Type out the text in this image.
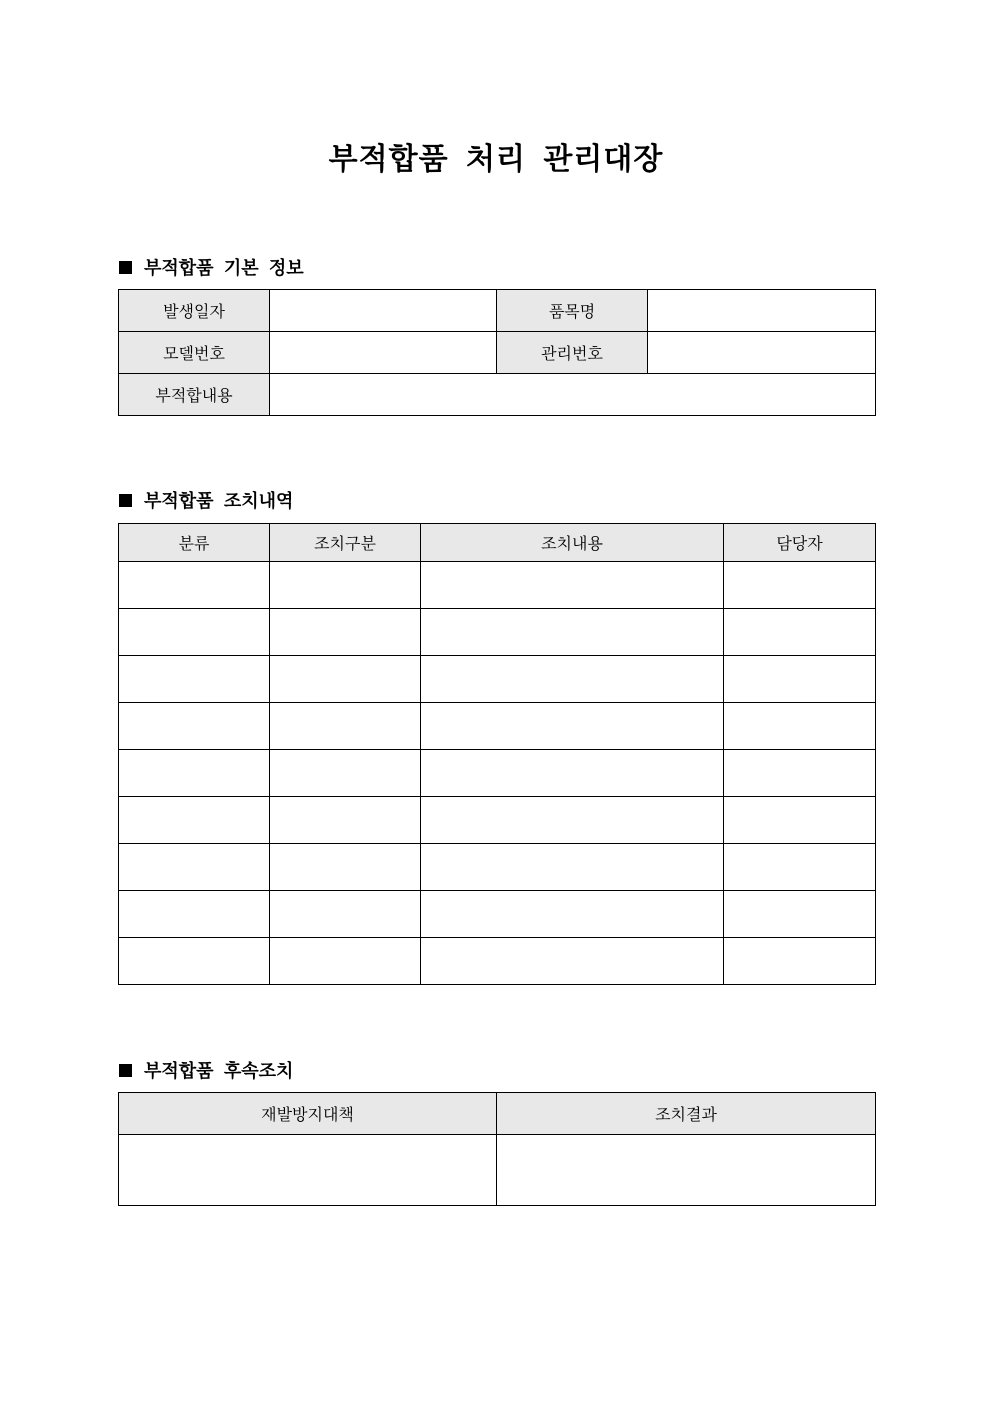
부적합품 처리 관리대장
부적합품 기본 정보
발생일자		품목명	
모델번호		관리번호	
부적합내용			
부적합품 조치내역
분류	조치구분	조치내용	담당자

부적합품 후속조치
재발방지대책	조치결과
